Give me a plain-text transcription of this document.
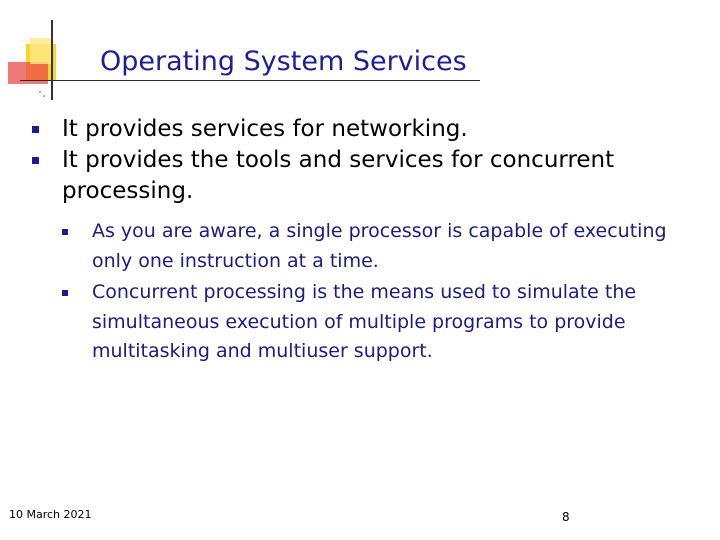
Operating System Services
It provides services for networking.
It provides the tools and services for concurrent processing.
As you are aware, a single processor is capable of executing only one instruction at a time.
Concurrent processing is the means used to simulate the simultaneous execution of multiple programs to provide multitasking and multiuser support.
10 March 2021	8
